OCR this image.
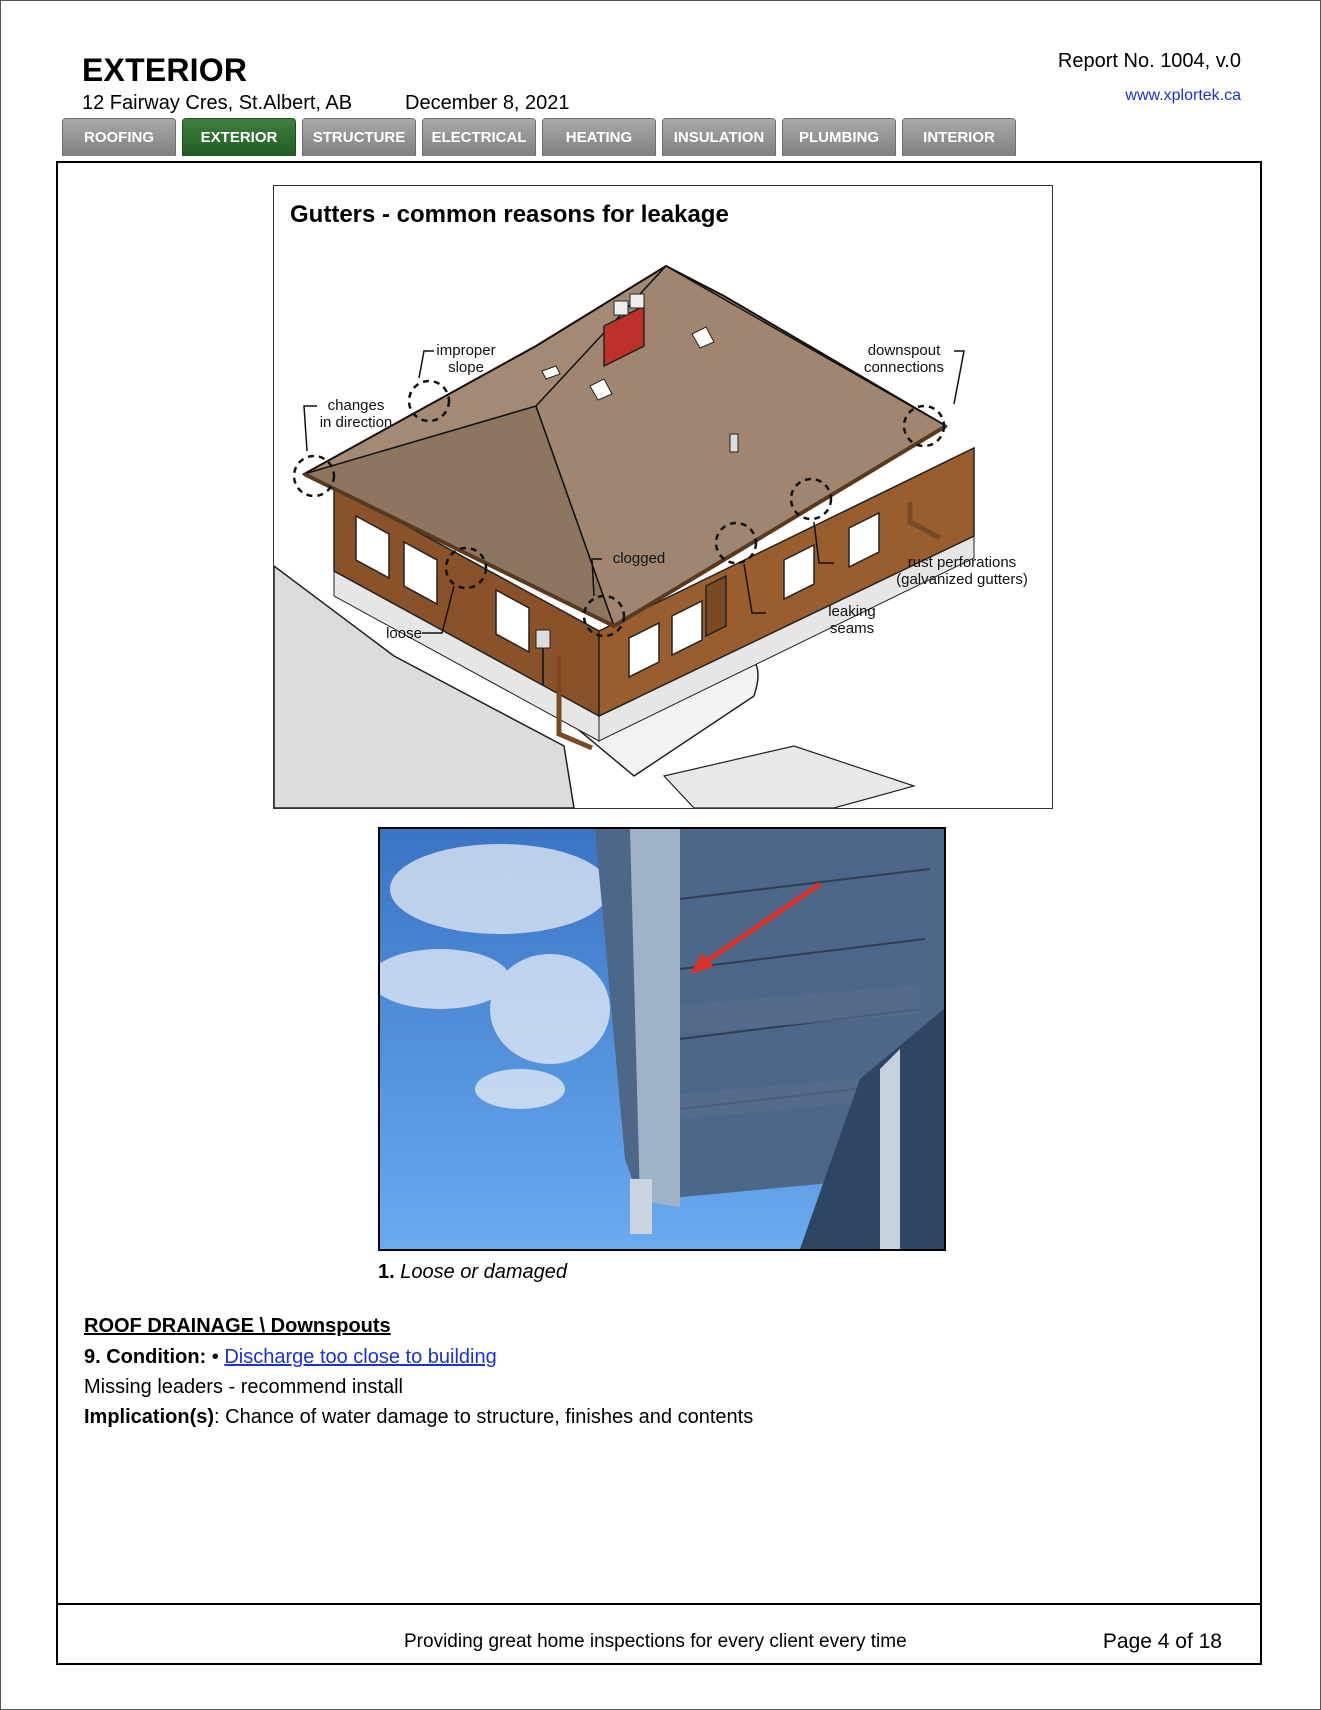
EXTERIOR
12 Fairway Cres, St.Albert, AB	December 8, 2021
Report No. 1004, v.0
www.xplortek.ca
ROOFING	EXTERIOR	STRUCTURE	ELECTRICAL	HEATING	INSULATION	PLUMBING	INTERIOR
Gutters - common reasons for leakage
improper
slope
changes
in direction
downspout
connections
clogged	rust perforations
(galvanized gutters)
leaking
seams
loose
1. Loose or damaged
ROOF DRAINAGE \ Downspouts
9. Condition: • Discharge too close to building
Missing leaders - recommend install
Implication(s): Chance of water damage to structure, finishes and contents
Providing great home inspections for every client every time	Page 4 of 18
